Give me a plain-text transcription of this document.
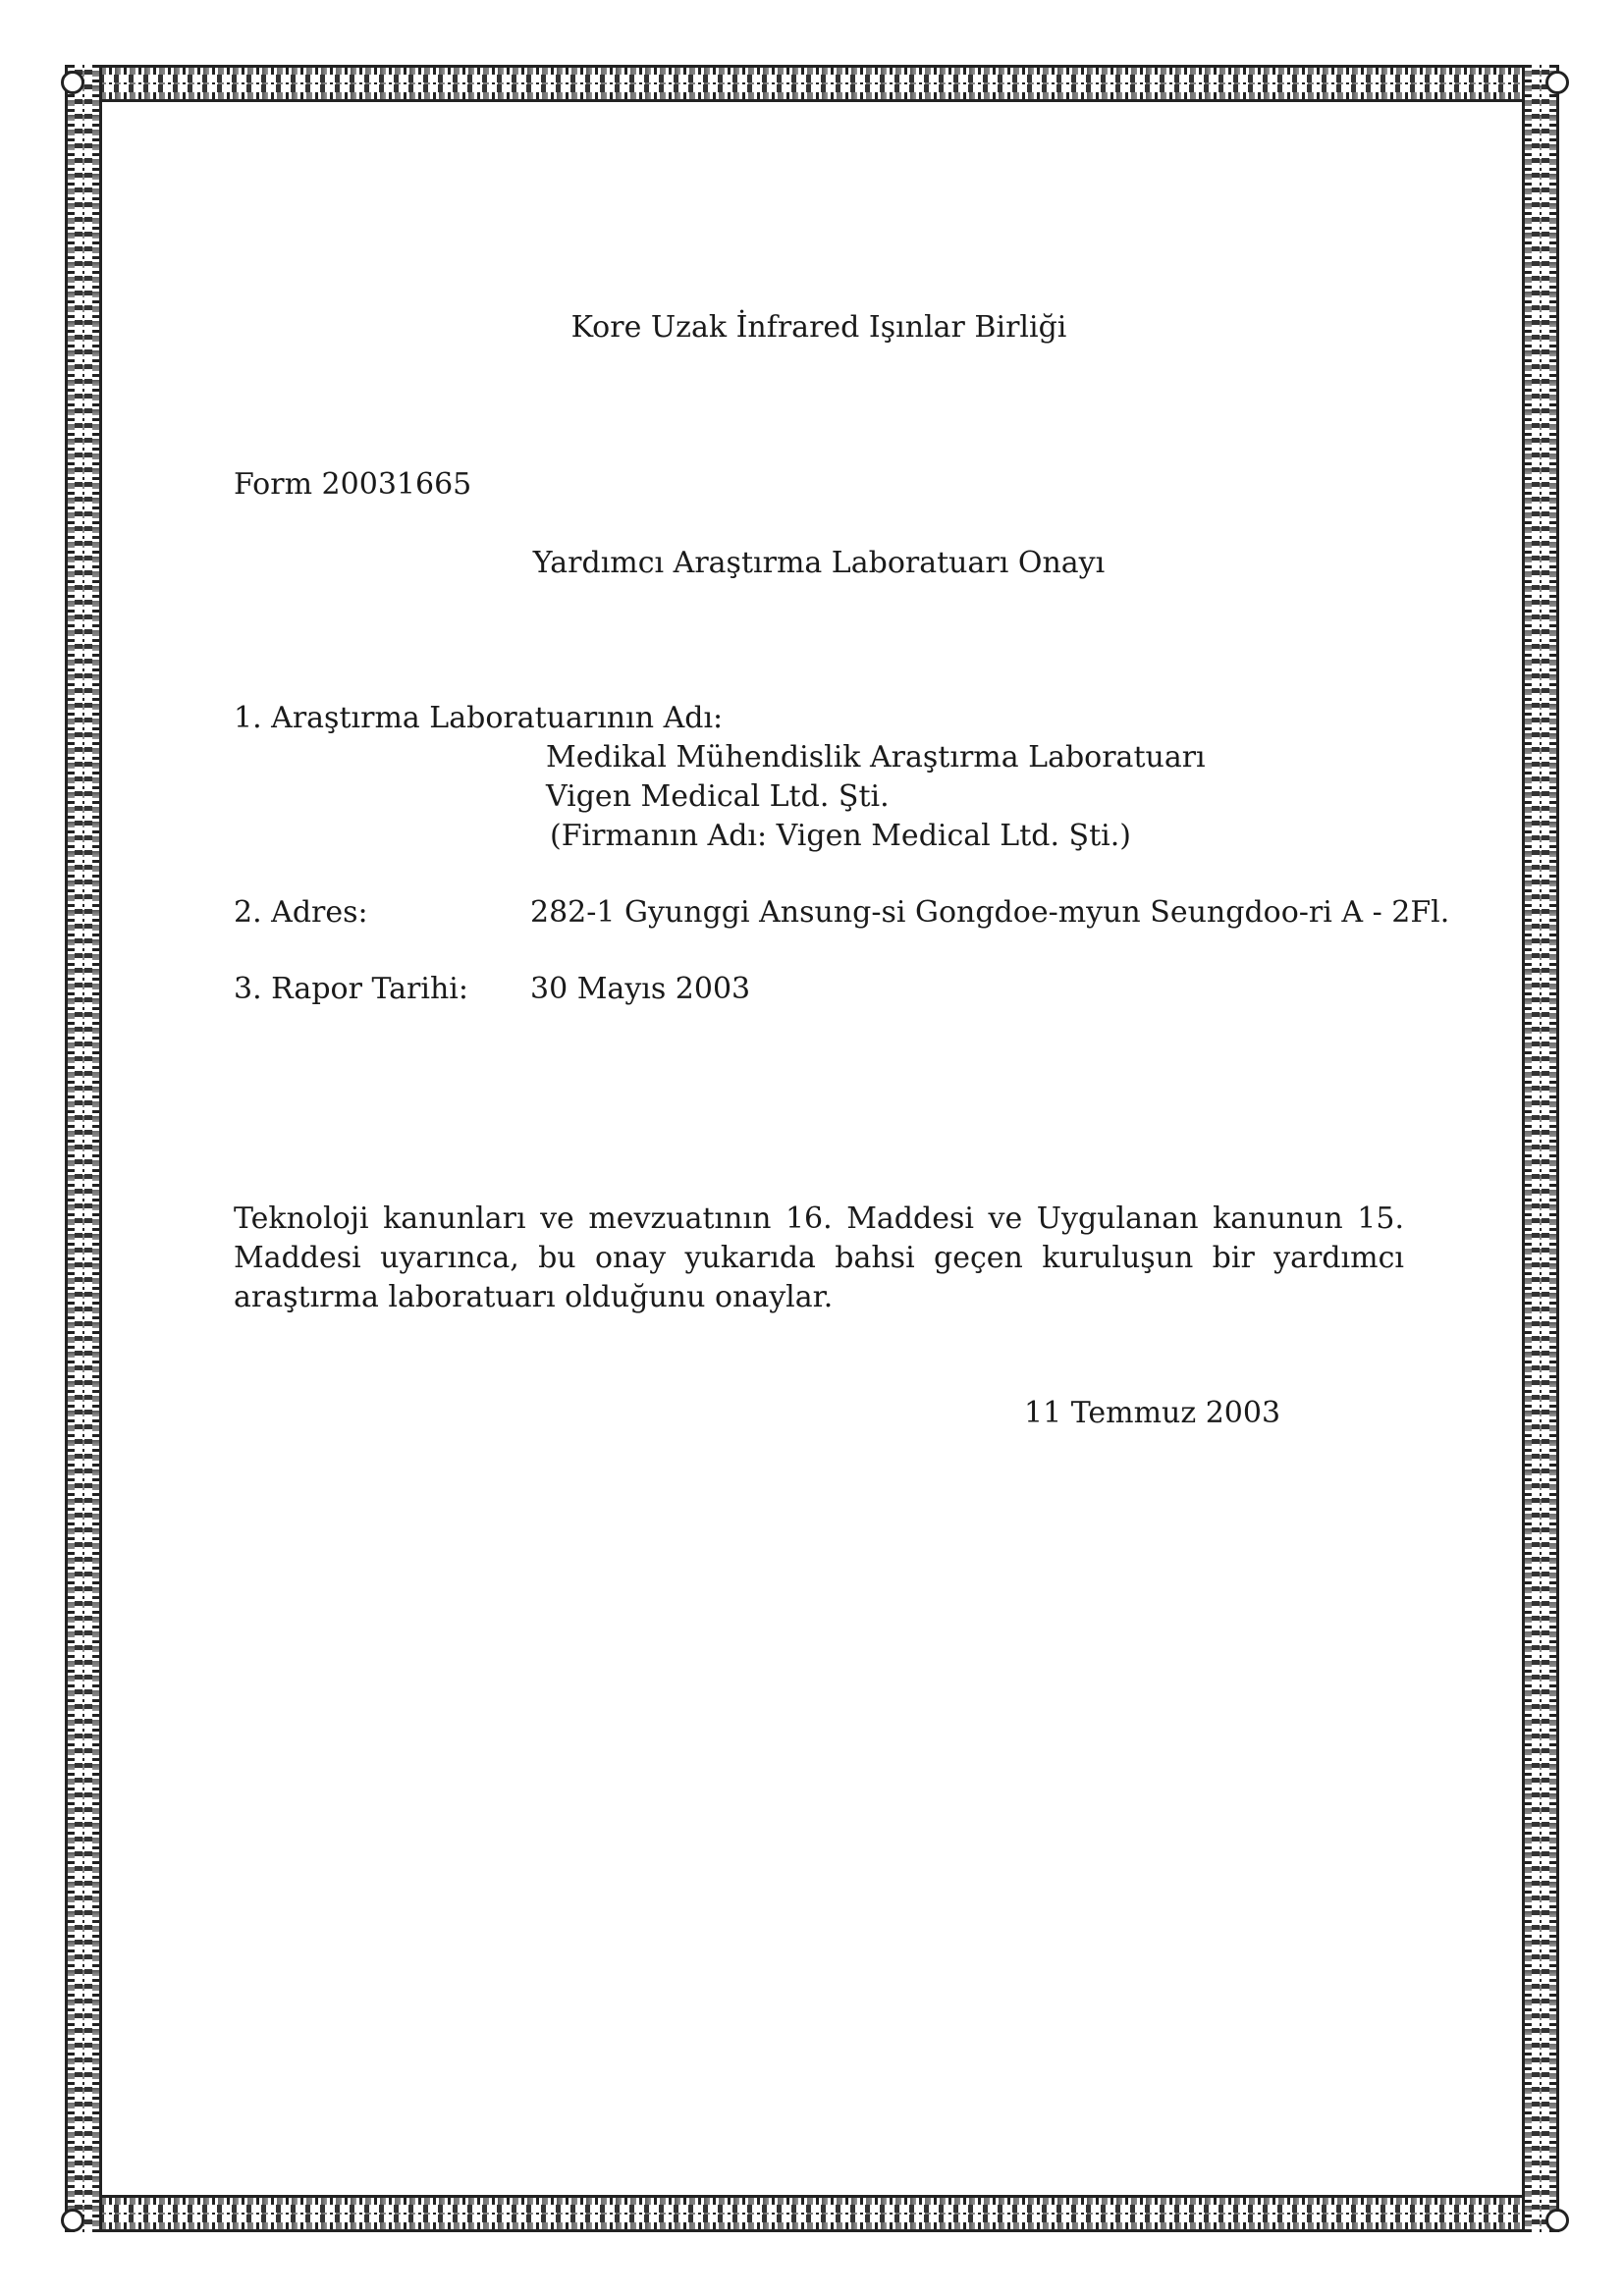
Kore Uzak İnfrared Işınlar Birliği
Form 20031665
Yardımcı Araştırma Laboratuarı Onayı
1. Araştırma Laboratuarının Adı:
Medikal Mühendislik Araştırma Laboratuarı
Vigen Medical Ltd. Şti.
(Firmanın Adı: Vigen Medical Ltd. Şti.)
2. Adres:	282-1 Gyunggi Ansung-si Gongdoe-myun Seungdoo-ri A - 2Fl.
3. Rapor Tarihi: 30 Mayıs 2003
Teknoloji kanunları ve mevzuatının 16. Maddesi ve Uygulanan kanunun 15. Maddesi uyarınca, bu onay yukarıda bahsi geçen kuruluşun bir yardımcı araştırma laboratuarı olduğunu onaylar.
11 Temmuz 2003
